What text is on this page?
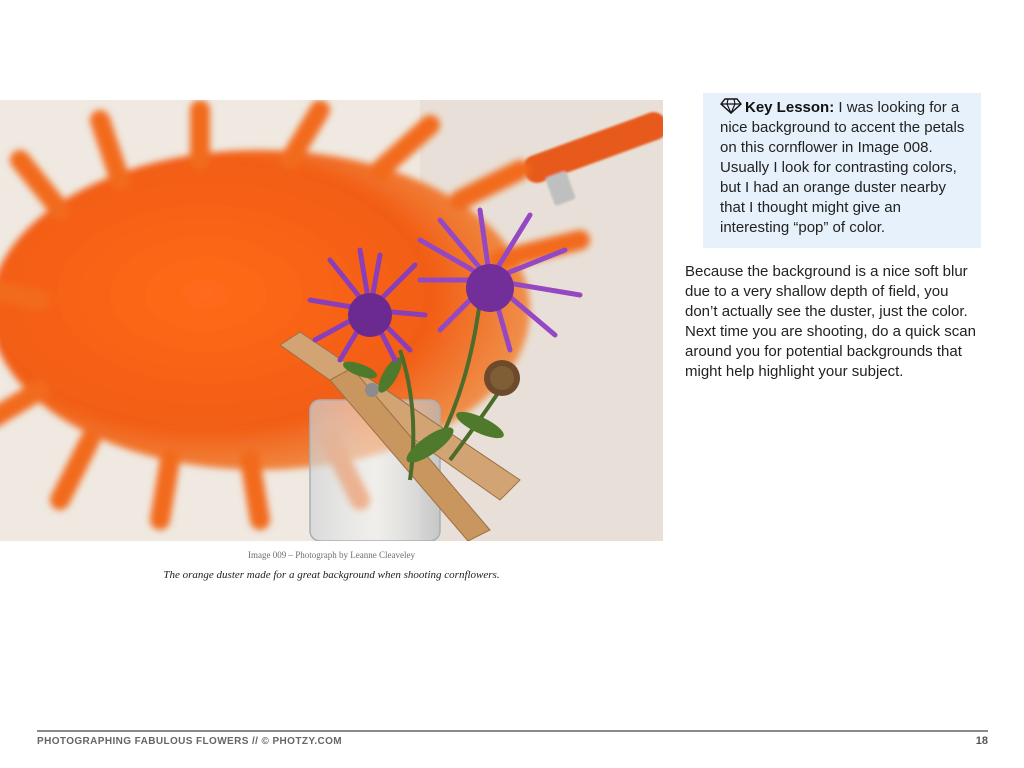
Image 009 – Photograph by Leanne Cleaveley
The orange duster made for a great background when shooting cornflowers.
Key Lesson: I was looking for a nice background to accent the petals on this cornflower in Image 008. Usually I look for contrasting colors, but I had an orange duster nearby that I thought might give an interesting “pop” of color.
Because the background is a nice soft blur due to a very shallow depth of field, you don’t actually see the duster, just the color. Next time you are shooting, do a quick scan around you for potential backgrounds that might help highlight your subject.
PHOTOGRAPHING FABULOUS FLOWERS // © PHOTZY.COM	18
